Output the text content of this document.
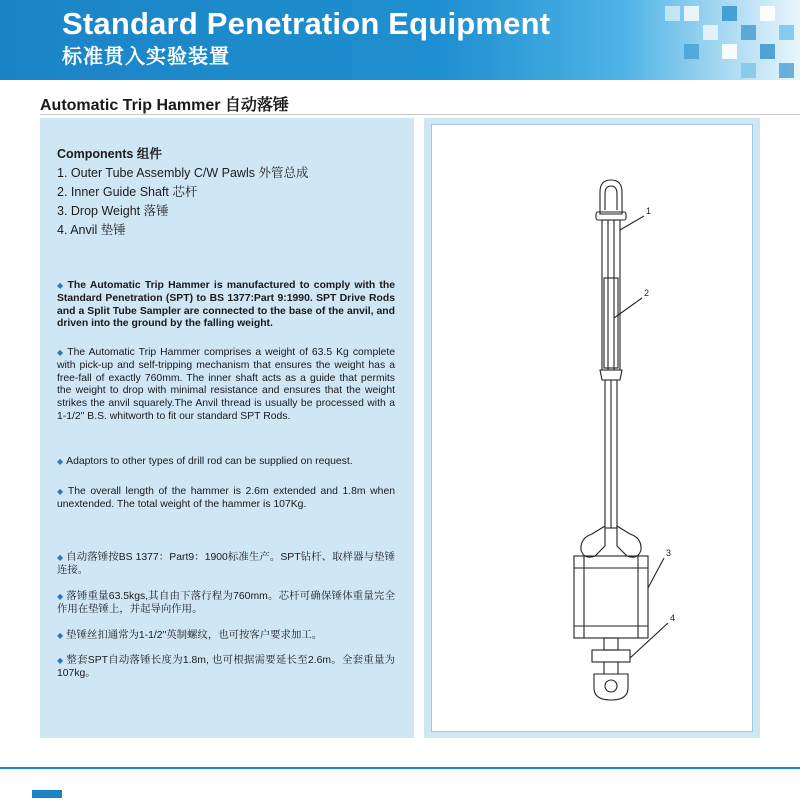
Standard Penetration Equipment
标准贯入实验装置
Automatic Trip Hammer 自动落锤
Components 组件
1. Outer Tube Assembly C/W Pawls 外管总成
2. Inner Guide Shaft 芯杆
3. Drop Weight 落锤
4. Anvil 垫锤
◆ The Automatic Trip Hammer is manufactured to comply with the Standard Penetration (SPT) to BS 1377:Part 9:1990. SPT Drive Rods and a Split Tube Sampler are connected to the base of the anvil, and driven into the ground by the falling weight.
◆ The Automatic Trip Hammer comprises a weight of 63.5 Kg complete with pick-up and self-tripping mechanism that ensures the weight has a free-fall of exactly 760mm. The inner shaft acts as a guide that permits the weight to drop with minimal resistance and ensures that the weight strikes the anvil squarely.The Anvil thread is usually be processed with a 1-1/2" B.S. whitworth to fit our standard SPT Rods.
◆ Adaptors to other types of drill rod can be supplied on request.
◆ The overall length of the hammer is 2.6m extended and 1.8m when unextended. The total weight of the hammer is 107Kg.
◆ 自动落锤按BS 1377：Part9：1900标准生产。SPT钻杆、取样器与垫锤连接。
◆ 落锤重量63.5kgs,其自由下落行程为760mm。芯杆可确保锤体重量完全作用在垫锤上，并起导向作用。
◆ 垫锤丝扣通常为1-1/2"英制螺纹，也可按客户要求加工。
◆ 整套SPT自动落锤长度为1.8m, 也可根据需要延长至2.6m。全套重量为107kg。
1
2
3
4
